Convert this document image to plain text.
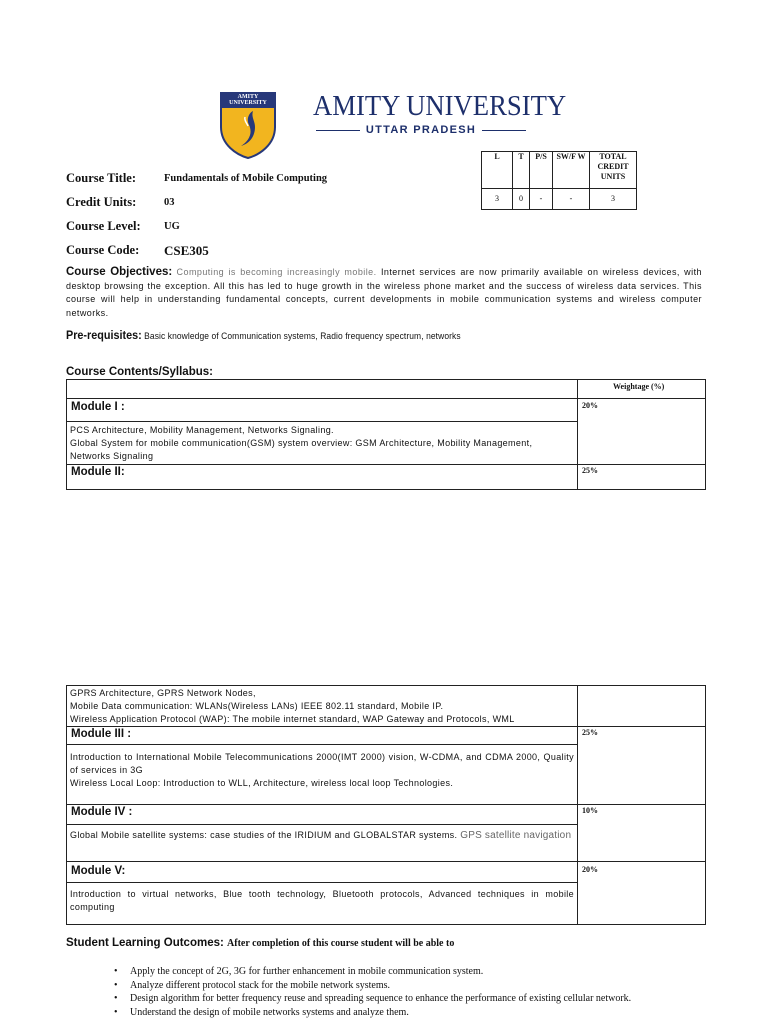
AMITY UNIVERSITY AMITY UNIVERSITY
UTTAR PRADESH
L	T	P/S	SW/F W	TOTAL CREDIT UNITS
3	0	-	-	3
Course Title:	Fundamentals of Mobile Computing
Credit Units:	03
Course Level: UG
Course Code: CSE305
Course Objectives: Computing is becoming increasingly mobile. Internet services are now primarily available on wireless devices, with desktop browsing the exception. All this has led to huge growth in the wireless phone market and the success of wireless data services. This course will help in understanding fundamental concepts, current developments in mobile communication systems and wireless computer networks.
Pre-requisites: Basic knowledge of Communication systems, Radio frequency spectrum, networks
Course Contents/Syllabus:
Weightage (%)
Module I :	20%
PCS Architecture, Mobility Management, Networks Signaling.
Global System for mobile communication(GSM) system overview: GSM Architecture, Mobility Management, Networks Signaling
Module II:	25%
GPRS Architecture, GPRS Network Nodes,
Mobile Data communication: WLANs(Wireless LANs) IEEE 802.11 standard, Mobile IP.
Wireless Application Protocol (WAP): The mobile internet standard, WAP Gateway and Protocols, WML
Module III :	25%
Introduction to International Mobile Telecommunications 2000(IMT 2000) vision, W-CDMA, and CDMA 2000, Quality of services in 3G
Wireless Local Loop: Introduction to WLL, Architecture, wireless local loop Technologies.
Module IV :	10%
Global Mobile satellite systems: case studies of the IRIDIUM and GLOBALSTAR systems. GPS satellite navigation
Module V:	20%
Introduction to virtual networks, Blue tooth technology, Bluetooth protocols, Advanced techniques in mobile computing
Student Learning Outcomes: After completion of this course student will be able to
• Apply the concept of 2G, 3G for further enhancement in mobile communication system.
• Analyze different protocol stack for the mobile network systems.
• Design algorithm for better frequency reuse and spreading sequence to enhance the performance of existing cellular network.
• Understand the design of mobile networks systems and analyze them.
